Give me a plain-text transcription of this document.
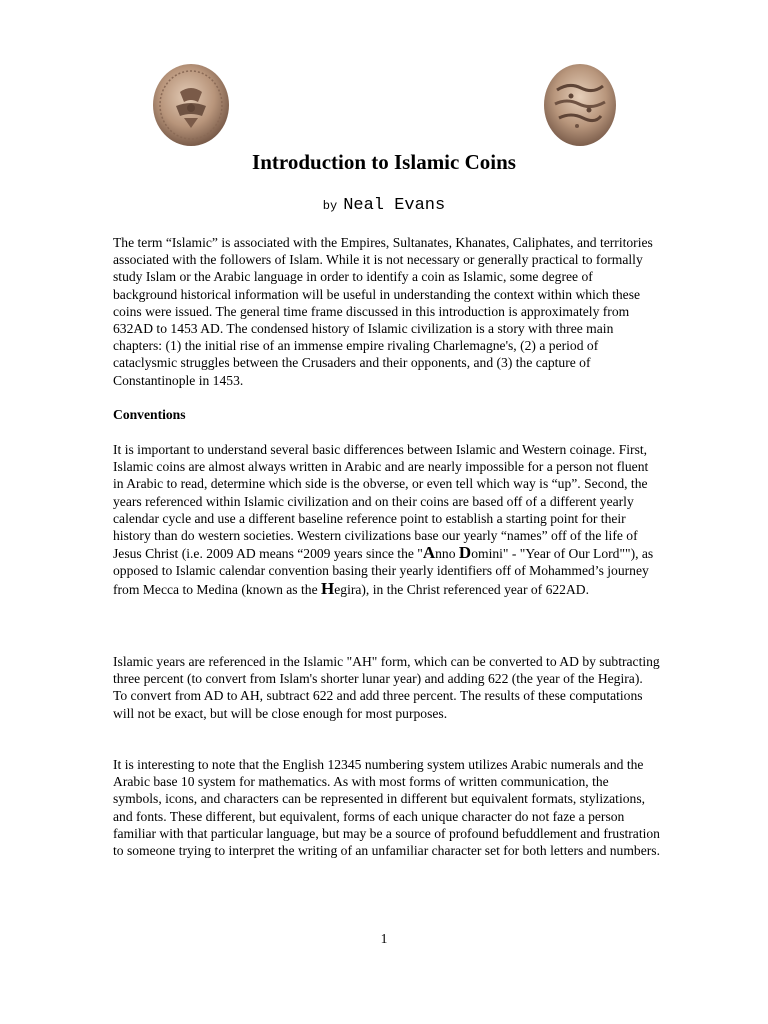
Introduction to Islamic Coins

by Neal Evans

The term “Islamic” is associated with the Empires, Sultanates, Khanates, Caliphates, and territories associated with the followers of Islam. While it is not necessary or generally practical to formally study Islam or the Arabic language in order to identify a coin as Islamic, some degree of background historical information will be useful in understanding the context within which these coins were issued. The general time frame discussed in this introduction is approximately from 632AD to 1453 AD. The condensed history of Islamic civilization is a story with three main chapters: (1) the initial rise of an immense empire rivaling Charlemagne's, (2) a period of cataclysmic struggles between the Crusaders and their opponents, and (3) the capture of Constantinople in 1453.

Conventions

It is important to understand several basic differences between Islamic and Western coinage. First, Islamic coins are almost always written in Arabic and are nearly impossible for a person not fluent in Arabic to read, determine which side is the obverse, or even tell which way is “up”. Second, the years referenced within Islamic civilization and on their coins are based off of a different yearly calendar cycle and use a different baseline reference point to establish a starting point for their history than do western societies. Western civilizations base our yearly “names” off of the life of Jesus Christ (i.e. 2009 AD means “2009 years since the "Anno Domini" - "Year of Our Lord""), as opposed to Islamic calendar convention basing their yearly identifiers off of Mohammed’s journey from Mecca to Medina (known as the Hegira), in the Christ referenced year of 622AD.

Islamic years are referenced in the Islamic "AH" form, which can be converted to AD by subtracting three percent (to convert from Islam's shorter lunar year) and adding 622 (the year of the Hegira). To convert from AD to AH, subtract 622 and add three percent. The results of these computations will not be exact, but will be close enough for most purposes.

It is interesting to note that the English 12345 numbering system utilizes Arabic numerals and the Arabic base 10 system for mathematics. As with most forms of written communication, the symbols, icons, and characters can be represented in different but equivalent formats, stylizations, and fonts. These different, but equivalent, forms of each unique character do not faze a person familiar with that particular language, but may be a source of profound befuddlement and frustration to someone trying to interpret the writing of an unfamiliar character set for both letters and numbers.

1
